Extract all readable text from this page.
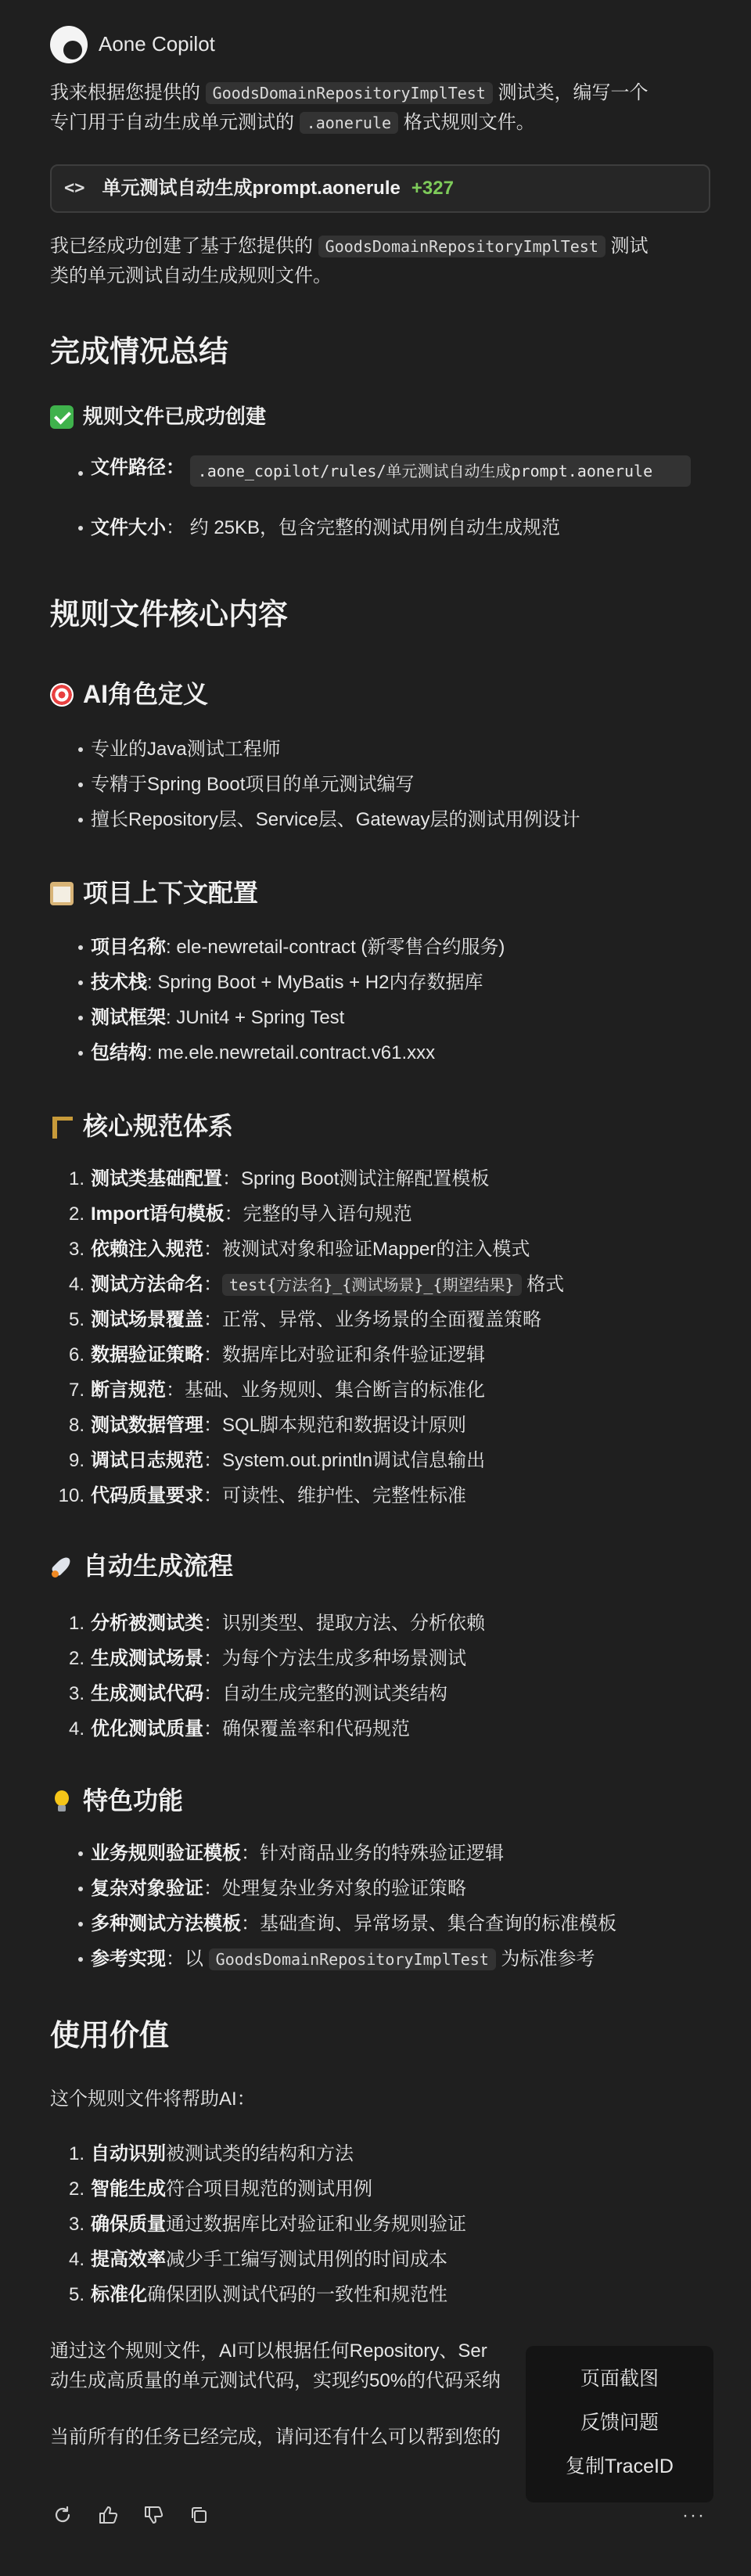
Aone Copilot

我来根据您提供的 GoodsDomainRepositoryImplTest 测试类，编写一个
专门用于自动生成单元测试的 .aonerule 格式规则文件。

<> 单元测试自动生成prompt.aonerule +327

我已经成功创建了基于您提供的 GoodsDomainRepositoryImplTest 测试
类的单元测试自动生成规则文件。

完成情况总结
规则文件已成功创建
文件路径： .aone_copilot/rules/单元测试自动生成prompt.aonerule
文件大小： 约 25KB，包含完整的测试用例自动生成规范
规则文件核心内容
AI角色定义
专业的Java测试工程师
专精于Spring Boot项目的单元测试编写
擅长Repository层、Service层、Gateway层的测试用例设计
项目上下文配置
项目名称: ele-newretail-contract (新零售合约服务)
技术栈: Spring Boot + MyBatis + H2内存数据库
测试框架: JUnit4 + Spring Test
包结构: me.ele.newretail.contract.v61.xxx
核心规范体系
1. 测试类基础配置：Spring Boot测试注解配置模板
2. Import语句模板：完整的导入语句规范
3. 依赖注入规范：被测试对象和验证Mapper的注入模式
4. 测试方法命名： test{方法名}_{测试场景}_{期望结果} 格式
5. 测试场景覆盖：正常、异常、业务场景的全面覆盖策略
6. 数据验证策略：数据库比对验证和条件验证逻辑
7. 断言规范：基础、业务规则、集合断言的标准化
8. 测试数据管理：SQL脚本规范和数据设计原则
9. 调试日志规范：System.out.println调试信息输出
10. 代码质量要求：可读性、维护性、完整性标准
自动生成流程
1. 分析被测试类：识别类型、提取方法、分析依赖
2. 生成测试场景：为每个方法生成多种场景测试
3. 生成测试代码：自动生成完整的测试类结构
4. 优化测试质量：确保覆盖率和代码规范
特色功能
业务规则验证模板：针对商品业务的特殊验证逻辑
复杂对象验证：处理复杂业务对象的验证策略
多种测试方法模板：基础查询、异常场景、集合查询的标准模板
参考实现：以 GoodsDomainRepositoryImplTest 为标准参考
使用价值

这个规则文件将帮助AI：

1. 自动识别被测试类的结构和方法
2. 智能生成符合项目规范的测试用例
3. 确保质量通过数据库比对验证和业务规则验证
4. 提高效率减少手工编写测试用例的时间成本
5. 标准化确保团队测试代码的一致性和规范性

通过这个规则文件，AI可以根据任何Repository、Ser

动生成高质量的单元测试代码，实现约50%的代码采纳

当前所有的任务已经完成，请问还有什么可以帮到您的

页面截图
反馈问题
复制TraceID
···
